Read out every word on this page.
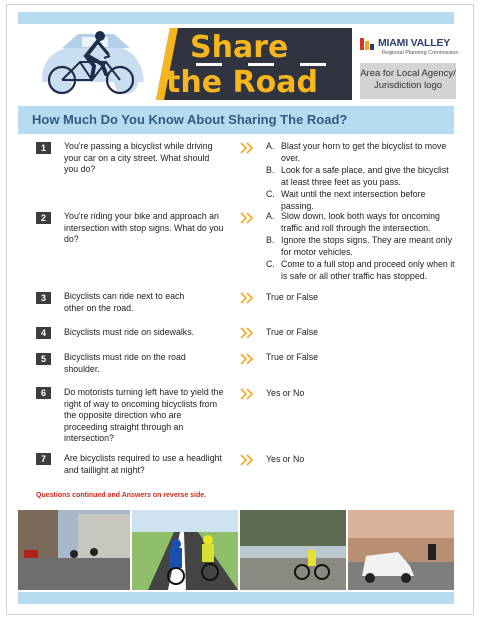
Share
the Road
MIAMI VALLEY
Regional Planning Commission
Area for Local Agency/ Jurisdiction logo
How Much Do You Know About Sharing The Road?
1	You're passing a bicyclist while driving your car on a city street. What should you do?
A. Blast your horn to get the bicyclist to move over.
B. Look for a safe place, and give the bicyclist at least three feet as you pass.
C. Wait until the next intersection before passing.
2	You're riding your bike and approach an intersection with stop signs. What do you do?
A. Slow down, look both ways for oncoming traffic and roll through the intersection.
B. Ignore the stops signs. They are meant only for motor vehicles.
C. Come to a full stop and proceed only when it is safe or all other traffic has stopped.
3	Bicyclists can ride next to each other on the road.
True or False
4	Bicyclists must ride on sidewalks.	True or False
5	Bicyclists must ride on the road shoulder.
True or False
6	Do motorists turning left have to yield the right of way to oncoming bicyclists from the opposite direction who are proceeding straight through an intersection?
Yes or No
7	Are bicyclists required to use a headlight and taillight at night?
Yes or No
Questions continued and Answers on reverse side.
